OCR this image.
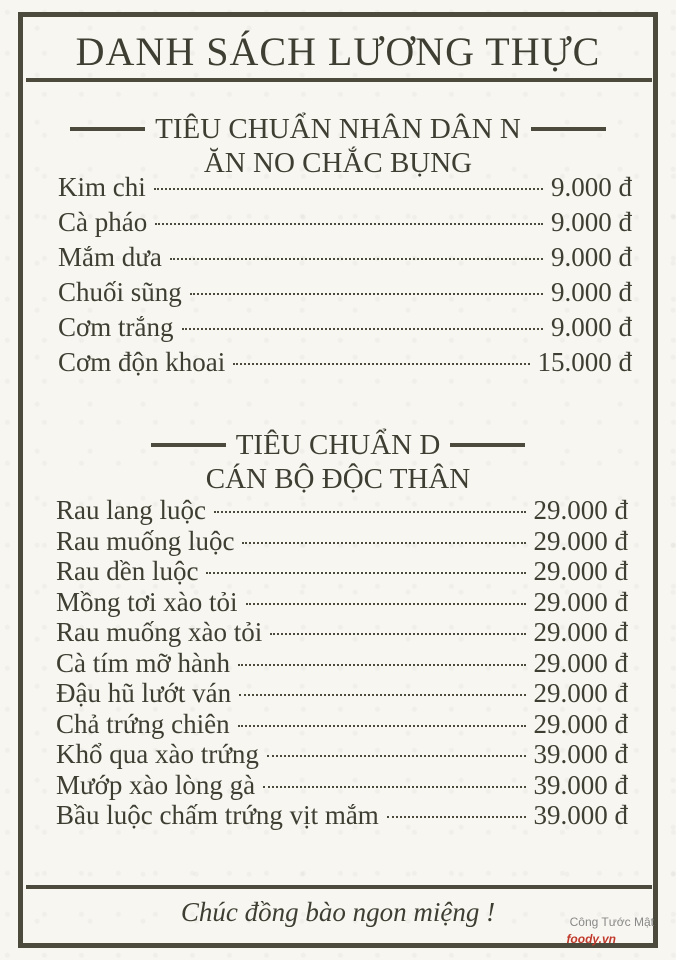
DANH SÁCH LƯƠNG THỰC
TIÊU CHUẨN NHÂN DÂN N
ĂN NO CHẮC BỤNG
Kim chi	9.000 đ
Cà pháo	9.000 đ
Mắm dưa	9.000 đ
Chuối sũng	9.000 đ
Cơm trắng	9.000 đ
Cơm độn khoai	15.000 đ
TIÊU CHUẨN D
CÁN BỘ ĐỘC THÂN
Rau lang luộc	29.000 đ
Rau muống luộc	29.000 đ
Rau dền luộc	29.000 đ
Mồng tơi xào tỏi	29.000 đ
Rau muống xào tỏi	29.000 đ
Cà tím mỡ hành	29.000 đ
Đậu hũ lướt ván	29.000 đ
Chả trứng chiên	29.000 đ
Khổ qua xào trứng	39.000 đ
Mướp xào lòng gà	39.000 đ
Bầu luộc chấm trứng vịt mắm	39.000 đ
Chúc đồng bào ngon miệng !	Công Tước Mật
foody.vn
